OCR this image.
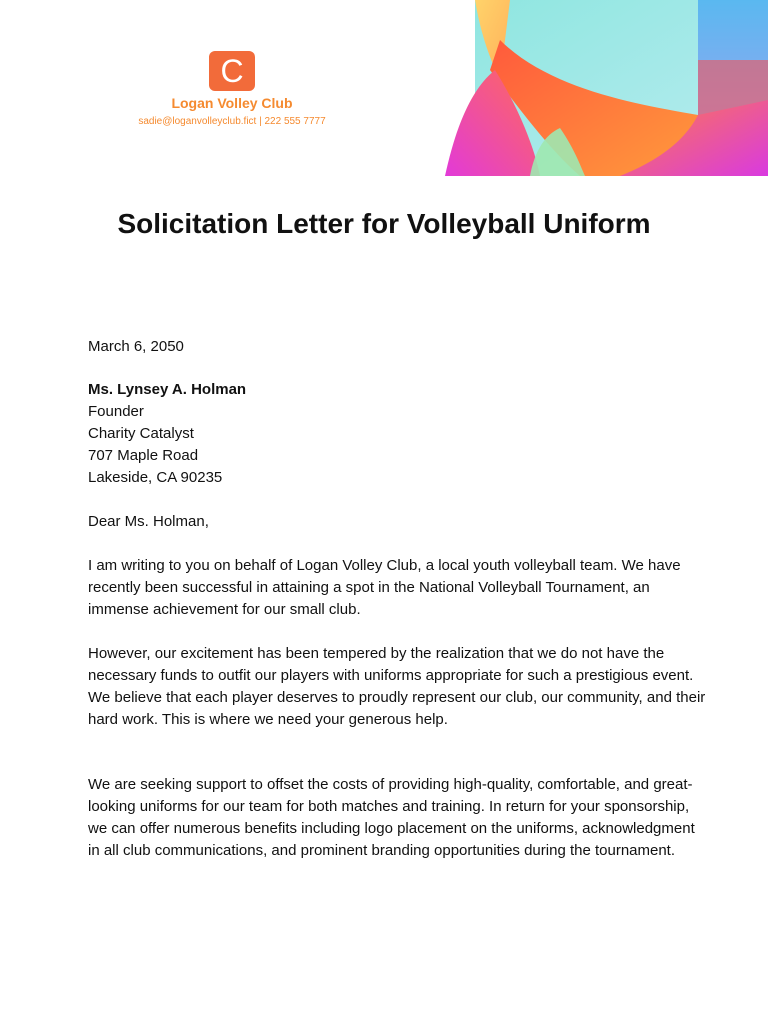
C
Logan Volley Club
sadie@loganvolleyclub.fict | 222 555 7777
Solicitation Letter for Volleyball Uniform
March 6, 2050

Ms. Lynsey A. Holman

Founder

Charity Catalyst

707 Maple Road

Lakeside, CA 90235

Dear Ms. Holman,
I am writing to you on behalf of Logan Volley Club, a local youth volleyball team. We have recently been successful in attaining a spot in the National Volleyball Tournament, an immense achievement for our small club.
However, our excitement has been tempered by the realization that we do not have the necessary funds to outfit our players with uniforms appropriate for such a prestigious event. We believe that each player deserves to proudly represent our club, our community, and their hard work. This is where we need your generous help.
We are seeking support to offset the costs of providing high-quality, comfortable, and great-looking uniforms for our team for both matches and training. In return for your sponsorship, we can offer numerous benefits including logo placement on the uniforms, acknowledgment in all club communications, and prominent branding opportunities during the tournament.
